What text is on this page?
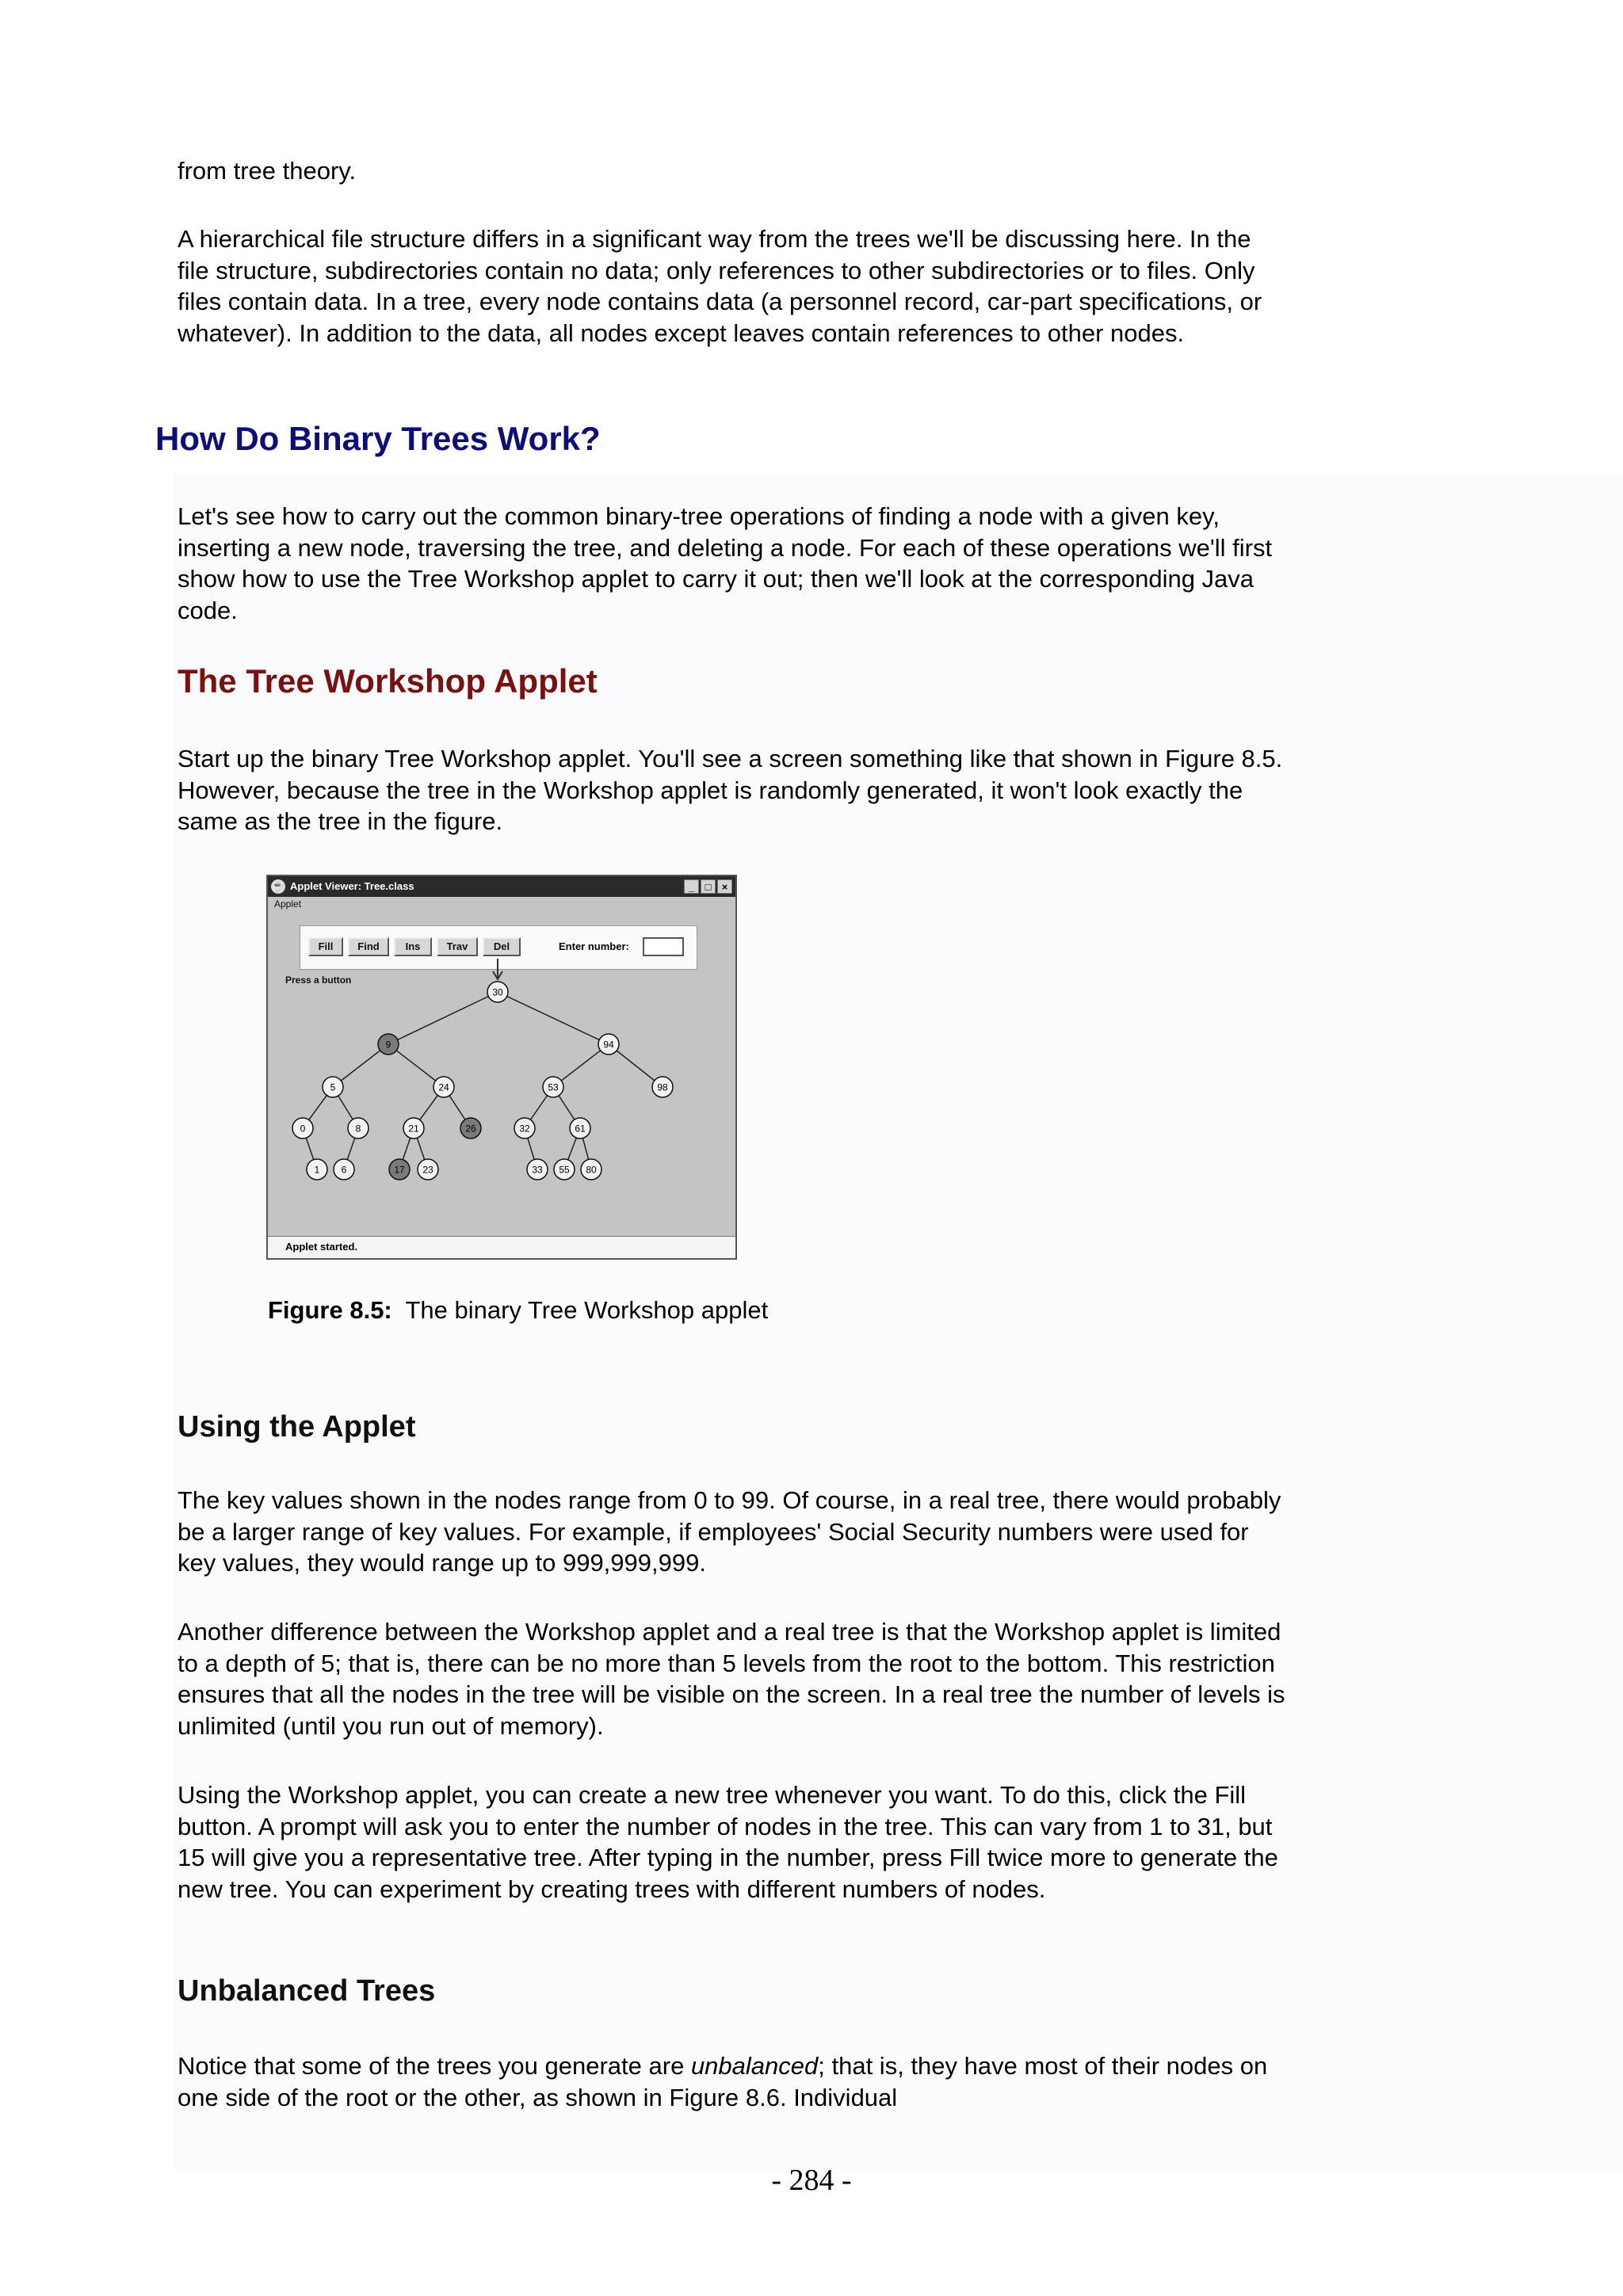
from tree theory.

A hierarchical file structure differs in a significant way from the trees we'll be discussing here. In the file structure, subdirectories contain no data; only references to other subdirectories or to files. Only files contain data. In a tree, every node contains data (a personnel record, car-part specifications, or whatever). In addition to the data, all nodes except leaves contain references to other nodes.

How Do Binary Trees Work?

Let's see how to carry out the common binary-tree operations of finding a node with a given key, inserting a new node, traversing the tree, and deleting a node. For each of these operations we'll first show how to use the Tree Workshop applet to carry it out; then we'll look at the corresponding Java code.

The Tree Workshop Applet

Start up the binary Tree Workshop applet. You'll see a screen something like that shown in Figure 8.5. However, because the tree in the Workshop applet is randomly generated, it won't look exactly the same as the tree in the figure.

☕ Applet Viewer: Tree.class	_	□	×
Applet
Fill	Find	Ins	Trav	Del	Enter number:
Press a button
30
9	94
5	24	53	98
0	8	21	26	32	61
1 6	17 23	33 55 80
Applet started.

Figure 8.5: The binary Tree Workshop applet

Using the Applet

The key values shown in the nodes range from 0 to 99. Of course, in a real tree, there would probably be a larger range of key values. For example, if employees' Social Security numbers were used for key values, they would range up to 999,999,999.

Another difference between the Workshop applet and a real tree is that the Workshop applet is limited to a depth of 5; that is, there can be no more than 5 levels from the root to the bottom. This restriction ensures that all the nodes in the tree will be visible on the screen. In a real tree the number of levels is unlimited (until you run out of memory).

Using the Workshop applet, you can create a new tree whenever you want. To do this, click the Fill button. A prompt will ask you to enter the number of nodes in the tree. This can vary from 1 to 31, but 15 will give you a representative tree. After typing in the number, press Fill twice more to generate the new tree. You can experiment by creating trees with different numbers of nodes.

Unbalanced Trees

Notice that some of the trees you generate are unbalanced; that is, they have most of their nodes on one side of the root or the other, as shown in Figure 8.6. Individual

- 284 -
